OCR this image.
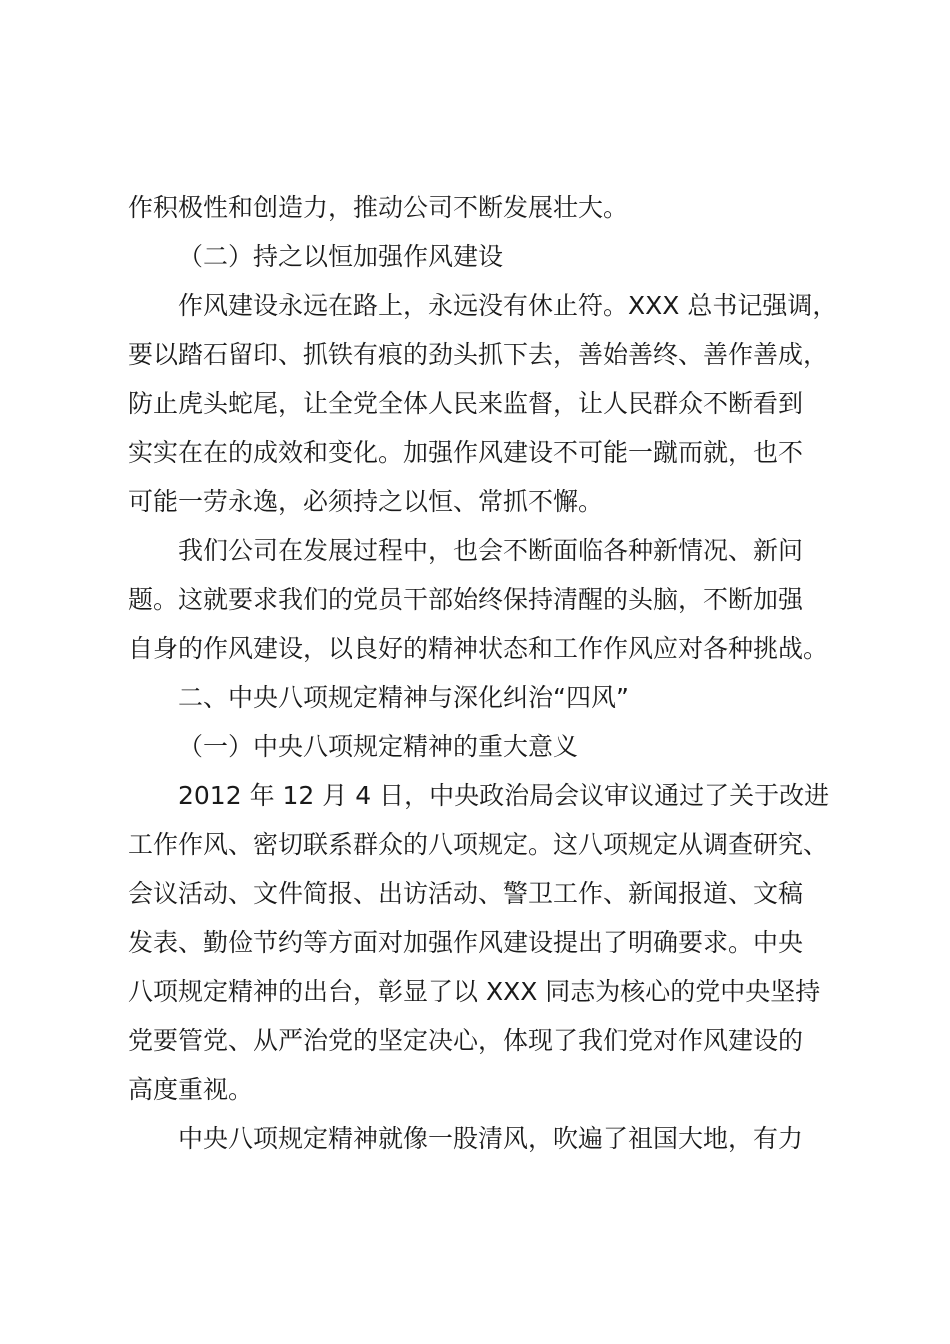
作积极性和创造力，推动公司不断发展壮大。
（二）持之以恒加强作风建设
作风建设永远在路上，永远没有休止符。XXX 总书记强调，
要以踏石留印、抓铁有痕的劲头抓下去，善始善终、善作善成，
防止虎头蛇尾，让全党全体人民来监督，让人民群众不断看到
实实在在的成效和变化。加强作风建设不可能一蹴而就，也不
可能一劳永逸，必须持之以恒、常抓不懈。
我们公司在发展过程中，也会不断面临各种新情况、新问
题。这就要求我们的党员干部始终保持清醒的头脑，不断加强
自身的作风建设，以良好的精神状态和工作作风应对各种挑战。
二、中央八项规定精神与深化纠治“四风”
（一）中央八项规定精神的重大意义
2012 年 12 月 4 日，中央政治局会议审议通过了关于改进
工作作风、密切联系群众的八项规定。这八项规定从调查研究、
会议活动、文件简报、出访活动、警卫工作、新闻报道、文稿
发表、勤俭节约等方面对加强作风建设提出了明确要求。中央
八项规定精神的出台，彰显了以 XXX 同志为核心的党中央坚持
党要管党、从严治党的坚定决心，体现了我们党对作风建设的
高度重视。
中央八项规定精神就像一股清风，吹遍了祖国大地，有力
